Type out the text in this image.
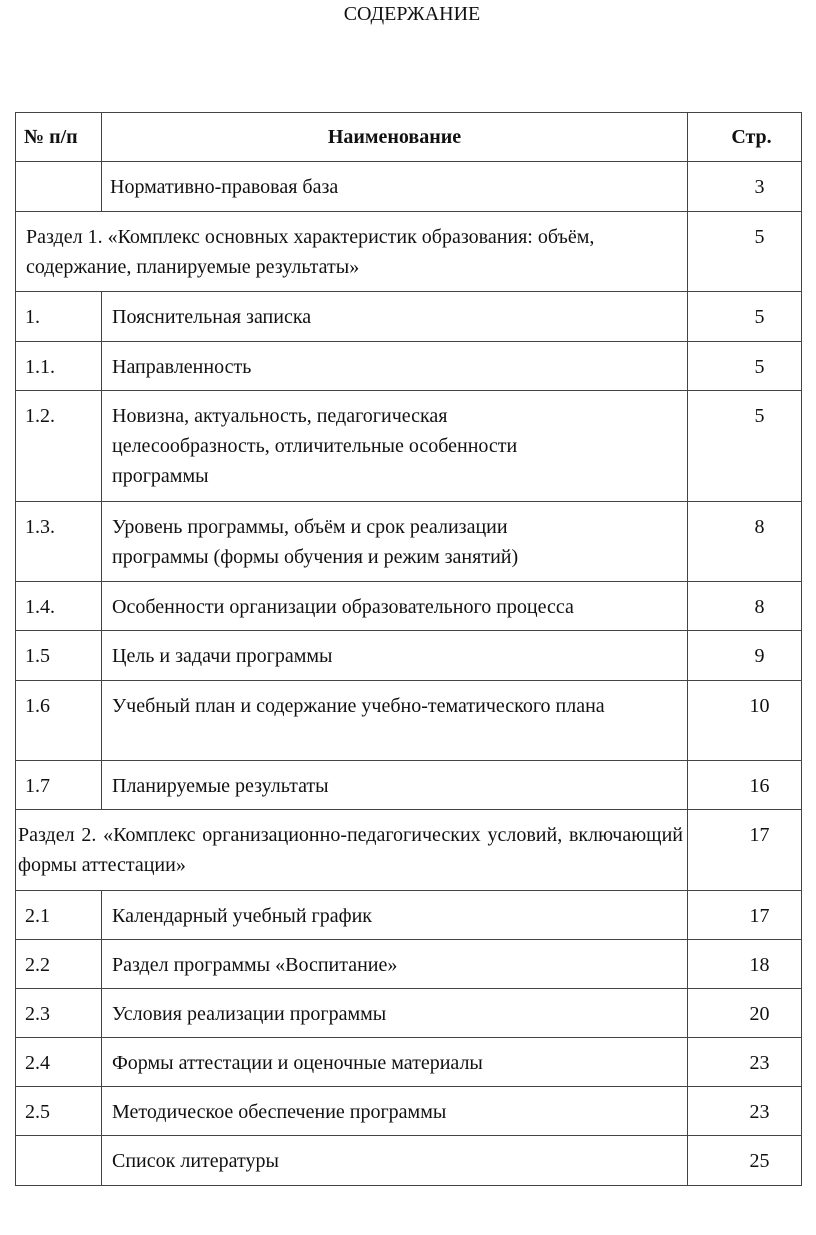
СОДЕРЖАНИЕ
№ п/п	Наименование	Стр.
	Нормативно-правовая база	3
Раздел 1. «Комплекс основных характеристик образования: объём, содержание, планируемые результаты»		5
1.	Пояснительная записка	5
1.1.	Направленность	5
1.2.	Новизна, актуальность, педагогическая целесообразность, отличительные особенности программы	5
1.3.	Уровень программы, объём и срок реализации программы (формы обучения и режим занятий)	8
1.4.	Особенности организации образовательного процесса	8
1.5	Цель и задачи программы	9
1.6	Учебный план и содержание учебно-тематического плана	10
1.7	Планируемые результаты	16
Раздел 2. «Комплекс организационно-педагогических условий, включающий формы аттестации»		17
2.1	Календарный учебный график	17
2.2	Раздел программы «Воспитание»	18
2.3	Условия реализации программы	20
2.4	Формы аттестации и оценочные материалы	23
2.5	Методическое обеспечение программы	23
	Список литературы	25
